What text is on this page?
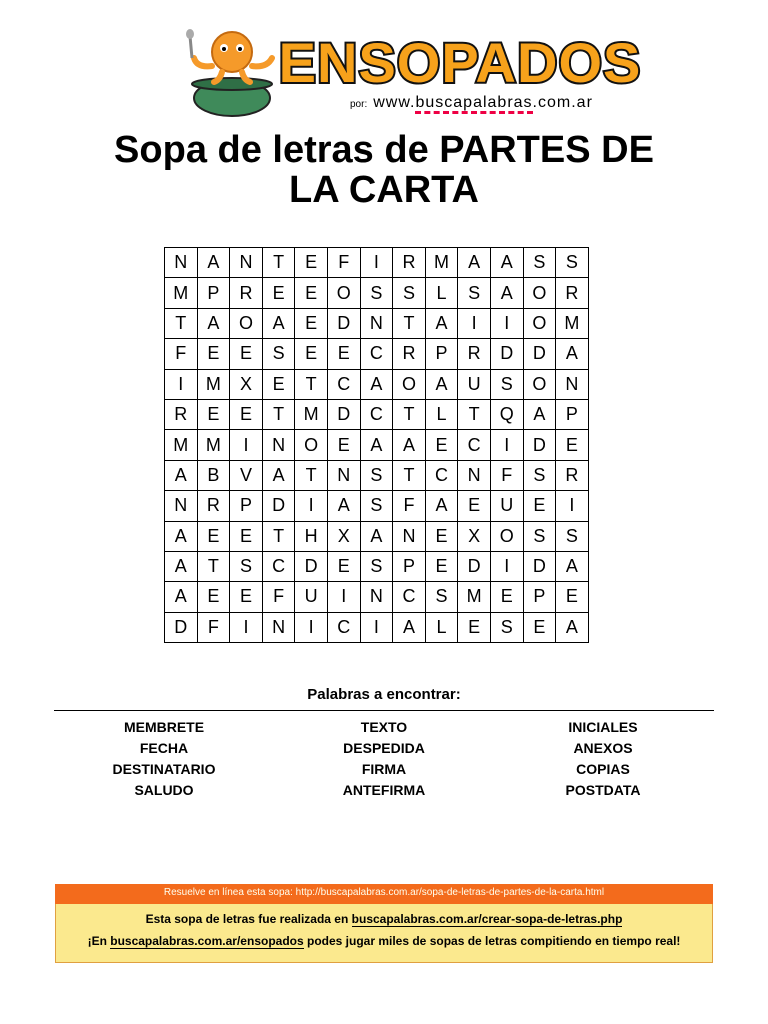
ENSOPADOS
por: www.buscapalabras.com.ar
Sopa de letras de PARTES DE
LA CARTA
N	A	N	T	E	F	I	R	M	A	A	S	S
M	P	R	E	E	O	S	S	L	S	A	O	R
T	A	O	A	E	D	N	T	A	I	I	O	M
F	E	E	S	E	E	C	R	P	R	D	D	A
I	M	X	E	T	C	A	O	A	U	S	O	N
R	E	E	T	M	D	C	T	L	T	Q	A	P
M	M	I	N	O	E	A	A	E	C	I	D	E
A	B	V	A	T	N	S	T	C	N	F	S	R
N	R	P	D	I	A	S	F	A	E	U	E	I
A	E	E	T	H	X	A	N	E	X	O	S	S
A	T	S	C	D	E	S	P	E	D	I	D	A
A	E	E	F	U	I	N	C	S	M	E	P	E
D	F	I	N	I	C	I	A	L	E	S	E	A
Palabras a encontrar:
MEMBRETE
FECHA
DESTINATARIO
SALUDO
TEXTO
DESPEDIDA
FIRMA
ANTEFIRMA
INICIALES
ANEXOS
COPIAS
POSTDATA
Resuelve en línea esta sopa: http://buscapalabras.com.ar/sopa-de-letras-de-partes-de-la-carta.html
Esta sopa de letras fue realizada en buscapalabras.com.ar/crear-sopa-de-letras.php
¡En buscapalabras.com.ar/ensopados podes jugar miles de sopas de letras compitiendo en tiempo real!
